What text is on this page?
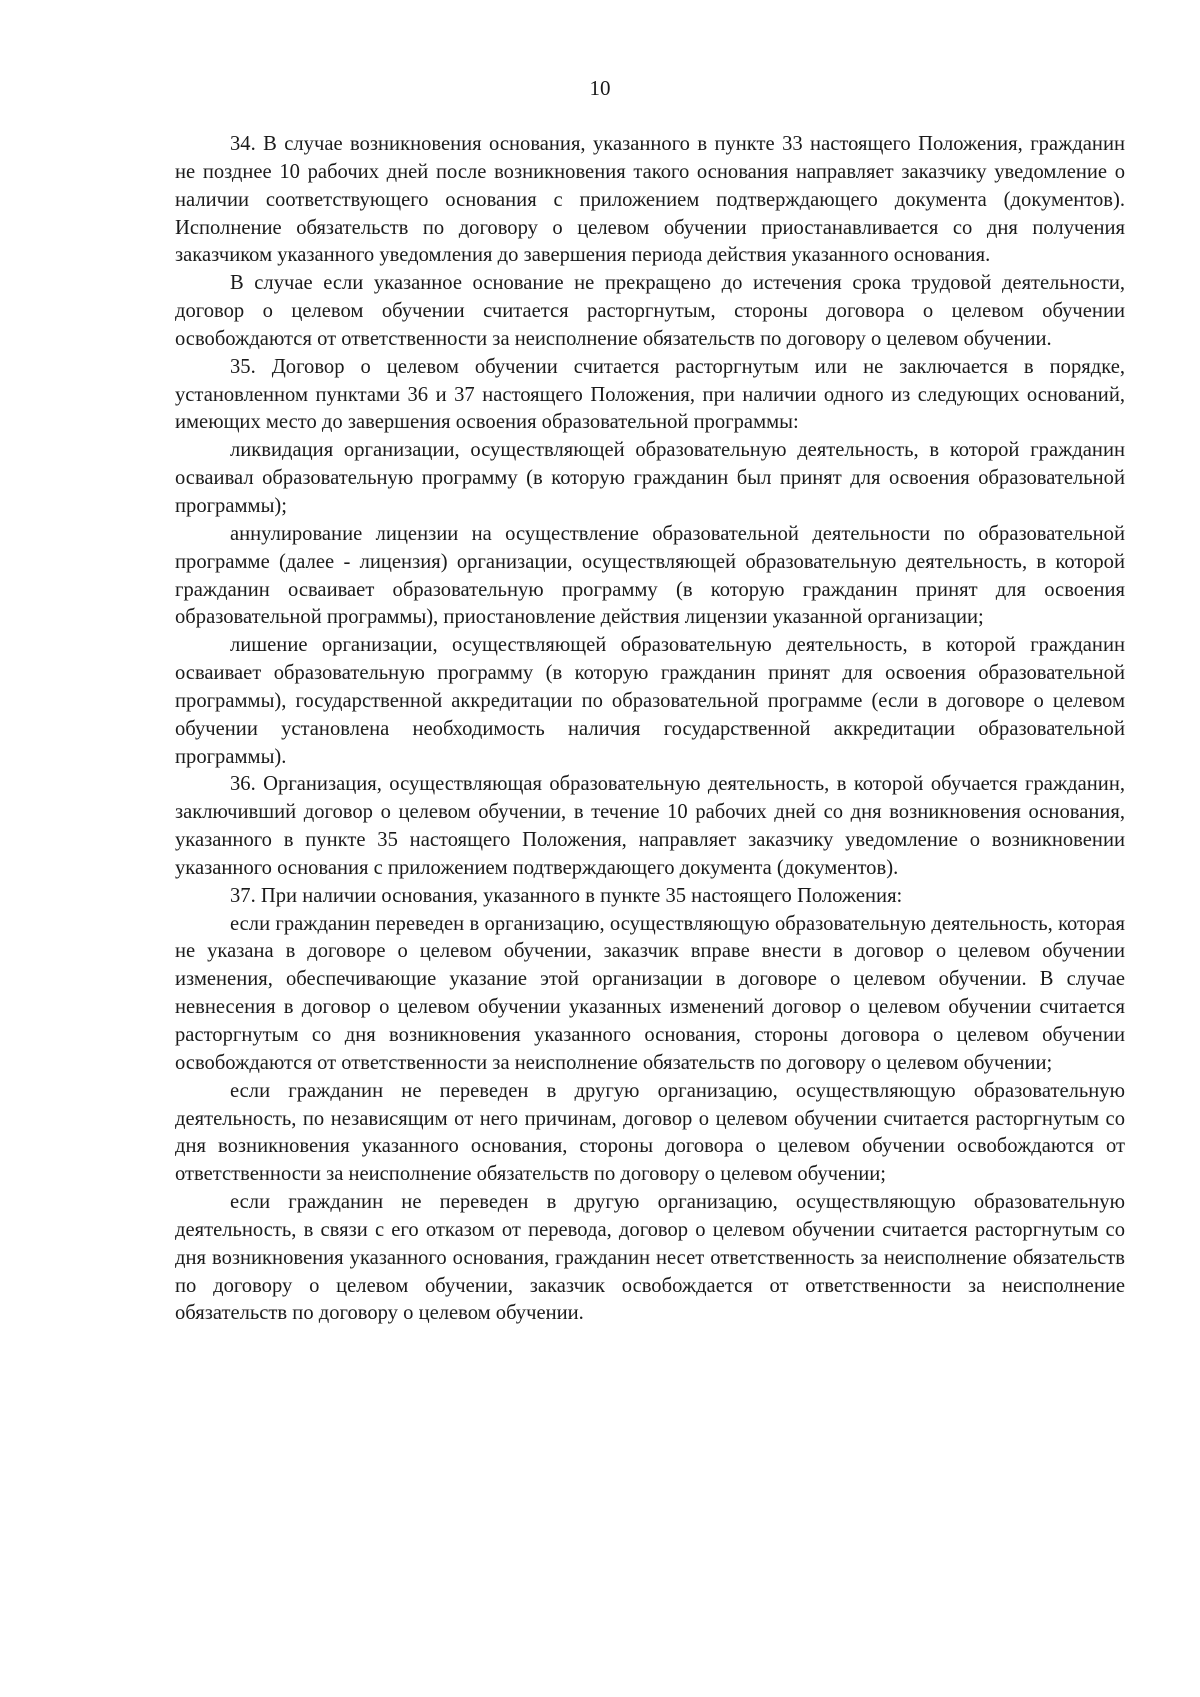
10

34. В случае возникновения основания, указанного в пункте 33 настоящего Положения, гражданин не позднее 10 рабочих дней после возникновения такого основания направляет заказчику уведомление о наличии соответствующего основания с приложением подтверждающего документа (документов). Исполнение обязательств по договору о целевом обучении приостанавливается со дня получения заказчиком указанного уведомления до завершения периода действия указанного основания.

В случае если указанное основание не прекращено до истечения срока трудовой деятельности, договор о целевом обучении считается расторгнутым, стороны договора о целевом обучении освобождаются от ответственности за неисполнение обязательств по договору о целевом обучении.

35. Договор о целевом обучении считается расторгнутым или не заключается в порядке, установленном пунктами 36 и 37 настоящего Положения, при наличии одного из следующих оснований, имеющих место до завершения освоения образовательной программы:

ликвидация организации, осуществляющей образовательную деятельность, в которой гражданин осваивал образовательную программу (в которую гражданин был принят для освоения образовательной программы);

аннулирование лицензии на осуществление образовательной деятельности по образовательной программе (далее - лицензия) организации, осуществляющей образовательную деятельность, в которой гражданин осваивает образовательную программу (в которую гражданин принят для освоения образовательной программы), приостановление действия лицензии указанной организации;

лишение организации, осуществляющей образовательную деятельность, в которой гражданин осваивает образовательную программу (в которую гражданин принят для освоения образовательной программы), государственной аккредитации по образовательной программе (если в договоре о целевом обучении установлена необходимость наличия государственной аккредитации образовательной программы).

36. Организация, осуществляющая образовательную деятельность, в которой обучается гражданин, заключивший договор о целевом обучении, в течение 10 рабочих дней со дня возникновения основания, указанного в пункте 35 настоящего Положения, направляет заказчику уведомление о возникновении указанного основания с приложением подтверждающего документа (документов).

37. При наличии основания, указанного в пункте 35 настоящего Положения:

если гражданин переведен в организацию, осуществляющую образовательную деятельность, которая не указана в договоре о целевом обучении, заказчик вправе внести в договор о целевом обучении изменения, обеспечивающие указание этой организации в договоре о целевом обучении. В случае невнесения в договор о целевом обучении указанных изменений договор о целевом обучении считается расторгнутым со дня возникновения указанного основания, стороны договора о целевом обучении освобождаются от ответственности за неисполнение обязательств по договору о целевом обучении;

если гражданин не переведен в другую организацию, осуществляющую образовательную деятельность, по независящим от него причинам, договор о целевом обучении считается расторгнутым со дня возникновения указанного основания, стороны договора о целевом обучении освобождаются от ответственности за неисполнение обязательств по договору о целевом обучении;

если гражданин не переведен в другую организацию, осуществляющую образовательную деятельность, в связи с его отказом от перевода, договор о целевом обучении считается расторгнутым со дня возникновения указанного основания, гражданин несет ответственность за неисполнение обязательств по договору о целевом обучении, заказчик освобождается от ответственности за неисполнение обязательств по договору о целевом обучении.
